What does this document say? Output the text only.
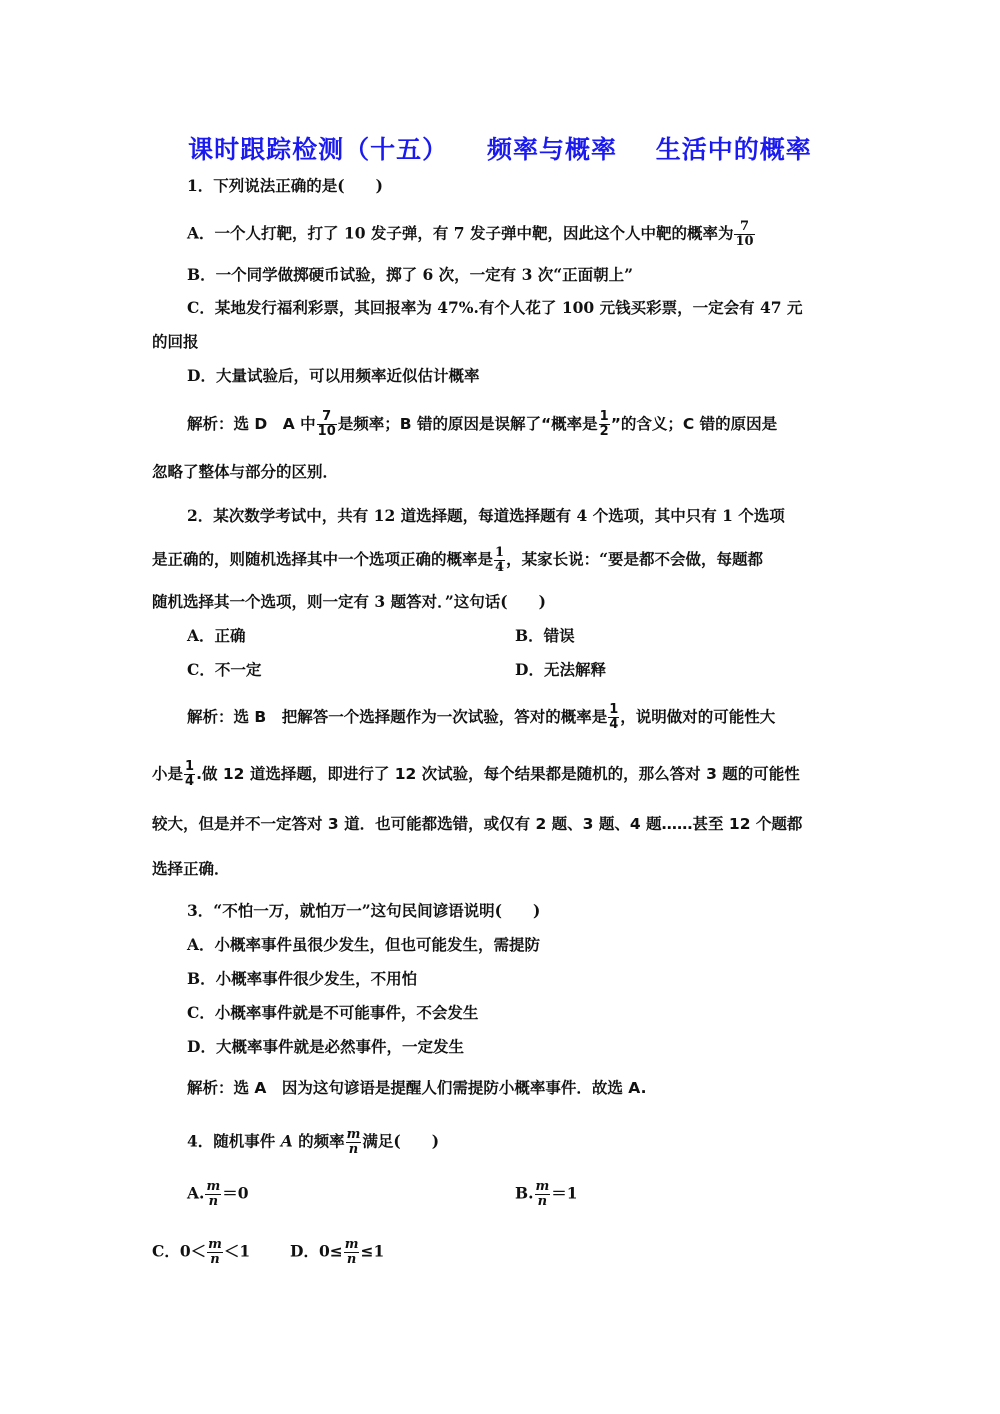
课时跟踪检测（十五）    频率与概率    生活中的概率
1．下列说法正确的是(　　)
A．一个人打靶，打了 10 发子弹，有 7 发子弹中靶，因此这个人中靶的概率为 $\frac{7}{10}$
B．一个同学做掷硬币试验，掷了 6 次，一定有 3 次“正面朝上”
C．某地发行福利彩票，其回报率为 47%.有个人花了 100 元钱买彩票，一定会有 47 元
的回报
D．大量试验后，可以用频率近似估计概率
解析：选 D　A 中 $\frac{7}{10}$ 是频率；B 错的原因是误解了“概率是 $\frac{1}{2}$ ”的含义；C 错的原因是
忽略了整体与部分的区别．
2．某次数学考试中，共有 12 道选择题，每道选择题有 4 个选项，其中只有 1 个选项
是正确的，则随机选择其中一个选项正确的概率是 $\frac{1}{4}$ ，某家长说：“要是都不会做，每题都
随机选择其一个选项，则一定有 3 题答对．”这句话(　　)
A．正确	B．错误
C．不一定	D．无法解释
解析：选 B　把解答一个选择题作为一次试验，答对的概率是 $\frac{1}{4}$ ，说明做对的可能性大
小是 $\frac{1}{4}$ .做 12 道选择题，即进行了 12 次试验，每个结果都是随机的，那么答对 3 题的可能性
较大，但是并不一定答对 3 道．也可能都选错，或仅有 2 题、3 题、4 题……甚至 12 个题都
选择正确．
3．“不怕一万，就怕万一”这句民间谚语说明(　　)
A．小概率事件虽很少发生，但也可能发生，需提防
B．小概率事件很少发生，不用怕
C．小概率事件就是不可能事件，不会发生
D．大概率事件就是必然事件，一定发生
解析：选 A　因为这句谚语是提醒人们需提防小概率事件．故选 A.
4．随机事件 A 的频率 $\frac{m}{n}$ 满足(　　)
A. $\frac{m}{n} =0$	B. $\frac{m}{n} =1$
C．$0< \frac{m}{n} <1$	D．$0\le \frac{m}{n} \le 1$
